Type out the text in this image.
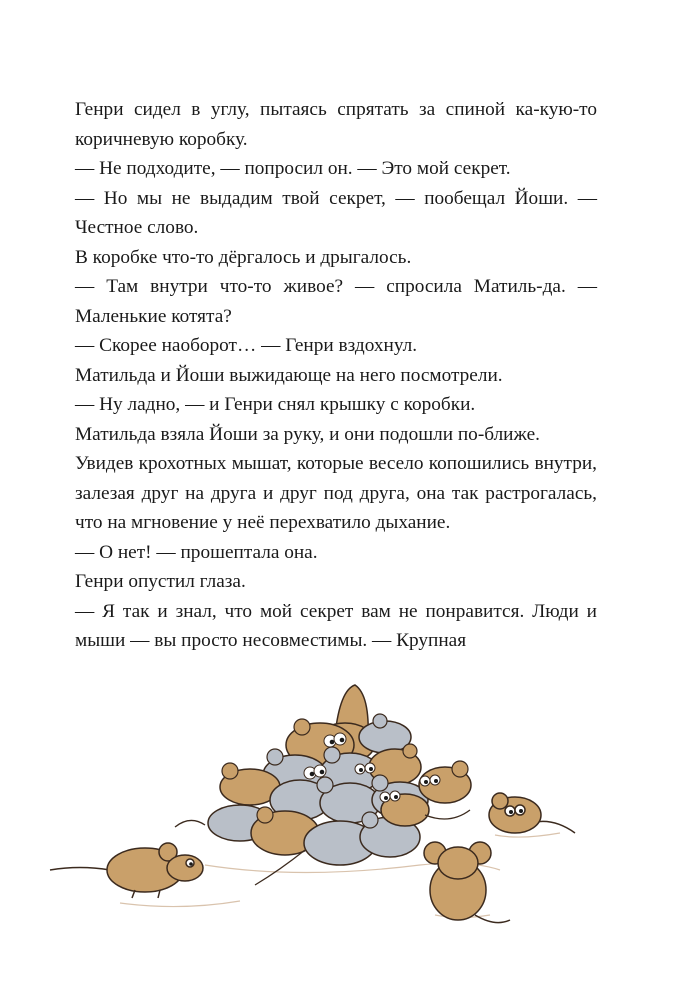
Генри сидел в углу, пытаясь спрятать за спиной ка-кую-то коричневую коробку.

— Не подходите, — попросил он. — Это мой секрет.

— Но мы не выдадим твой секрет, — пообещал Йоши. — Честное слово.

В коробке что-то дёргалось и дрыгалось.

— Там внутри что-то живое? — спросила Матиль-да. — Маленькие котята?

— Скорее наоборот… — Генри вздохнул.

Матильда и Йоши выжидающе на него посмотрели.

— Ну ладно, — и Генри снял крышку с коробки.

Матильда взяла Йоши за руку, и они подошли по-ближе.

Увидев крохотных мышат, которые весело копошились внутри, залезая друг на друга и друг под друга, она так растрогалась, что на мгновение у неё перехватило дыхание.

— О нет! — прошептала она.

Генри опустил глаза.

— Я так и знал, что мой секрет вам не понравится. Люди и мыши — вы просто несовместимы. — Крупная
